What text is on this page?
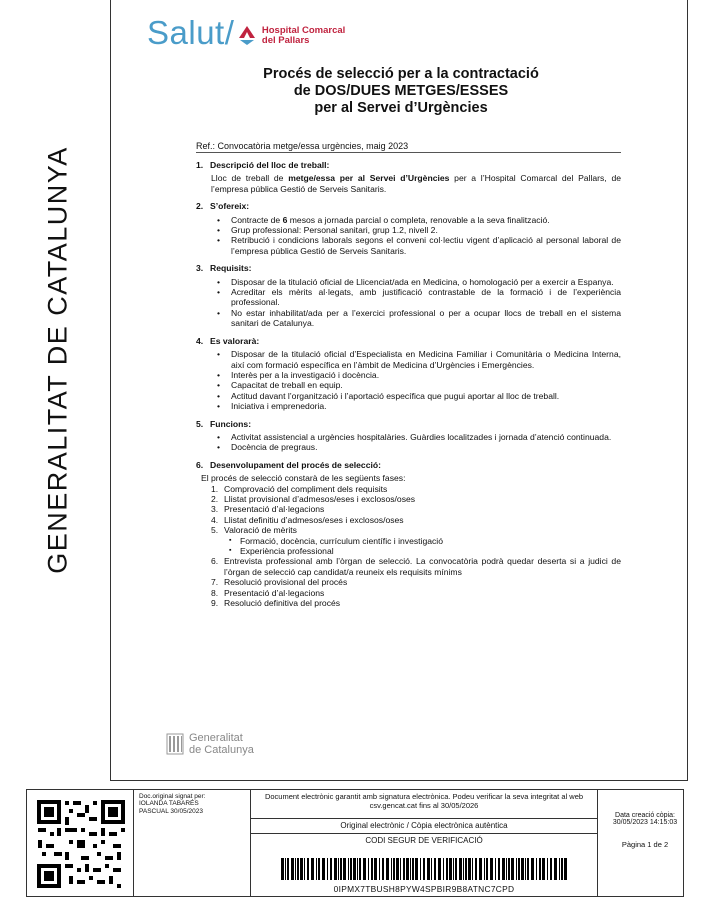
GENERALITAT DE CATALUNYA
Salut /	Hospital Comarcal
del Pallars
Procés de selecció per a la contractació
de DOS/DUES METGES/ESSES
per al Servei d’Urgències
Ref.: Convocatòria metge/essa urgències, maig 2023
1. Descripció del lloc de treball:
Lloc de treball de metge/essa per al Servei d’Urgències per a l’Hospital Comarcal del Pallars, de l’empresa pública Gestió de Serveis Sanitaris.
2. S’ofereix:
• Contracte de 6 mesos a jornada parcial o completa, renovable a la seva finalització.
• Grup professional: Personal sanitari, grup 1.2, nivell 2.
• Retribució i condicions laborals segons el conveni col·lectiu vigent d’aplicació al personal laboral de l’empresa pública Gestió de Serveis Sanitaris.
3. Requisits:
• Disposar de la titulació oficial de Llicenciat/ada en Medicina, o homologació per a exercir a Espanya.
• Acreditar els mèrits al·legats, amb justificació contrastable de la formació i de l’experiència professional.
• No estar inhabilitat/ada per a l’exercici professional o per a ocupar llocs de treball en el sistema sanitari de Catalunya.
4. Es valorarà:
• Disposar de la titulació oficial d’Especialista en Medicina Familiar i Comunitària o Medicina Interna, així com formació específica en l’àmbit de Medicina d’Urgències i Emergències.
• Interès per a la investigació i docència.
• Capacitat de treball en equip.
• Actitud davant l’organització i l’aportació específica que pugui aportar al lloc de treball.
• Iniciativa i emprenedoria.
5. Funcions:
• Activitat assistencial a urgències hospitalàries. Guàrdies localitzades i jornada d’atenció continuada.
• Docència de pregraus.
6. Desenvolupament del procés de selecció:
El procés de selecció constarà de les següents fases:
1. Comprovació del compliment dels requisits
2. Llistat provisional d’admesos/eses i exclosos/oses
3. Presentació d’al·legacions
4. Llistat definitiu d’admesos/eses i exclosos/oses
5. Valoració de mèrits
▪ Formació, docència, currículum científic i investigació
▪ Experiència professional
6. Entrevista professional amb l’òrgan de selecció. La convocatòria podrà quedar deserta si a judici de l’òrgan de selecció cap candidat/a reuneix els requisits mínims
7. Resolució provisional del procés
8. Presentació d’al·legacions
9. Resolució definitiva del procés
Generalitat
de Catalunya
Doc.original signat per:
IOLANDA TABARÉS
PASCUAL 30/05/2023
Document electrònic garantit amb signatura electrònica. Podeu verificar la seva integritat al web csv.gencat.cat fins al 30/05/2026
Original electrònic / Còpia electrònica autèntica
CODI SEGUR DE VERIFICACIÓ
0IPMX7TBUSH8PYW4SPBIR9B8ATNC7CPD
Data creació còpia:
30/05/2023 14:15:03
Pàgina 1 de 2
